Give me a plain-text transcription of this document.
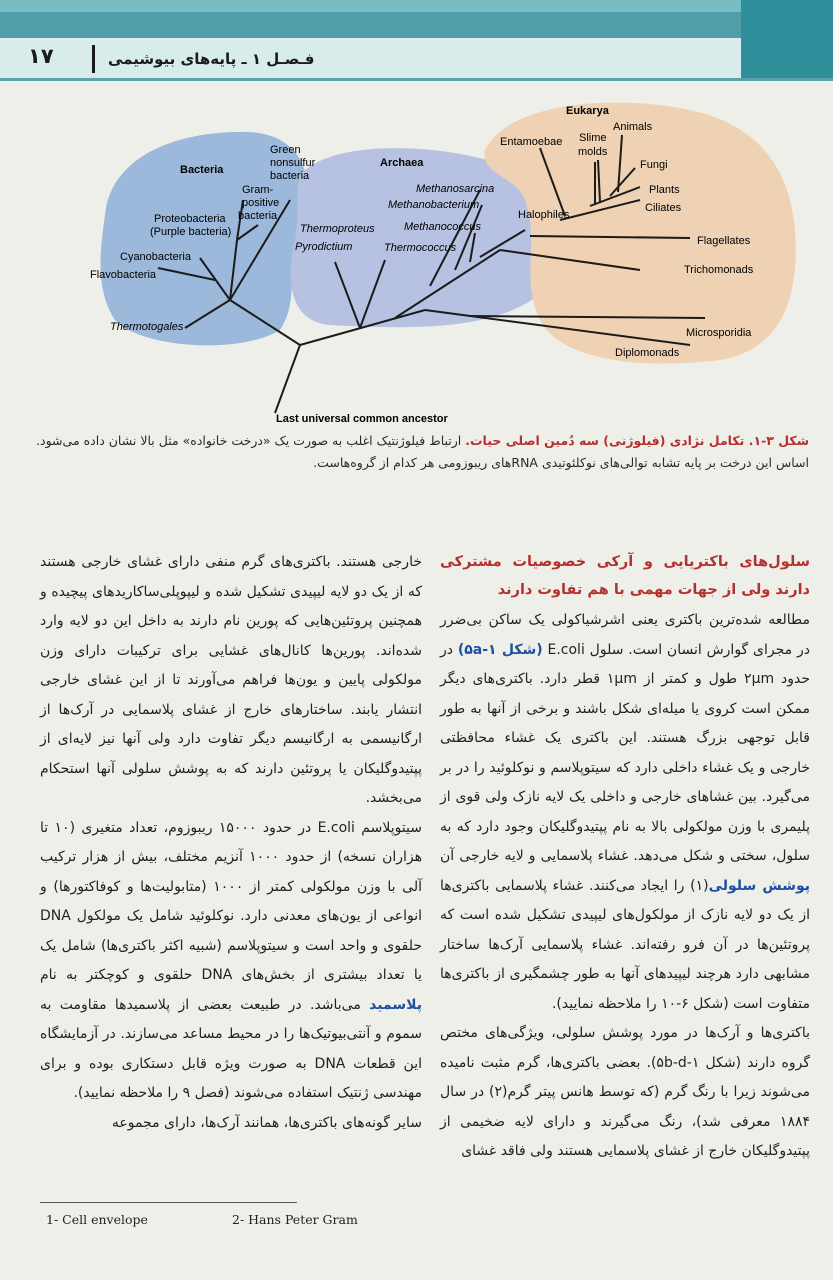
۱۷	فـصـل ۱ ـ پایه‌های بیوشیمی
Bacteria
Archaea
Eukarya
Green
nonsulfur
bacteria
Gram-
positive
bacteria
Proteobacteria
(Purple bacteria)
Cyanobacteria
Flavobacteria
Thermotogales
Methanosarcina
Methanobacterium
Halophiles
Methanococcus
Thermoproteus
Pyrodictium	Thermococcus
Entamoebae Slime
molds
Animals
Fungi
Plants
Ciliates
Flagellates
Trichomonads
Microsporidia
Diplomonads
Last universal common ancestor
شکل ۳-۱. تکامل نژادی (فیلوژنی) سه دُمین اصلی حیات. ارتباط فیلوژنتیک اغلب به صورت یک «درخت خانواده» مثل بالا نشان داده می‌شود.
اساس این درخت بر پایه تشابه توالی‌های نوکلئوتیدی RNAهای ریبوزومی هر کدام از گروه‌هاست.
سلول‌های باکتریایی و آرکی خصوصیات مشترکی دارند ولی از جهات مهمی با هم تفاوت دارند

مطالعه شده‌ترین باکتری یعنی اشرشیاکولی یک ساکن بی‌ضرر در مجرای گوارش انسان است. سلول E.coli (شکل ۵a-۱) در حدود ۲µm طول و کمتر از ۱µm قطر دارد. باکتری‌های دیگر ممکن است کروی یا میله‌ای شکل باشند و برخی از آنها به طور قابل توجهی بزرگ هستند. این باکتری یک غشاء محافظتی خارجی و یک غشاء داخلی دارد که سیتوپلاسم و نوکلوئید را در بر می‌گیرد. بین غشاهای خارجی و داخلی یک لایه نازک ولی قوی از پلیمری با وزن مولکولی بالا به نام پپتیدوگلیکان وجود دارد که به سلول، سختی و شکل می‌دهد. غشاء پلاسمایی و لایه خارجی آن پوشش سلولی(۱) را ایجاد می‌کنند. غشاء پلاسمایی باکتری‌ها از یک دو لایه نازک از مولکول‌های لیپیدی تشکیل شده است که پروتئین‌ها در آن فرو رفته‌اند. غشاء پلاسمایی آرک‌ها ساختار مشابهی دارد هرچند لیپیدهای آنها به طور چشمگیری از باکتری‌ها متفاوت است (شکل ۶-۱۰ را ملاحظه نمایید).

باکتری‌ها و آرک‌ها در مورد پوشش سلولی، ویژگی‌های مختص گروه دارند (شکل ۵b-d-۱). بعضی باکتری‌ها، گرم مثبت نامیده می‌شوند زیرا با رنگ گرم (که توسط هانس پیتر گرم(۲) در سال ۱۸۸۴ معرفی شد)، رنگ می‌گیرند و دارای لایه ضخیمی از پپتیدوگلیکان خارج از غشای پلاسمایی هستند ولی فاقد غشای

خارجی هستند. باکتری‌های گرم منفی دارای غشای خارجی هستند که از یک دو لایه لیپیدی تشکیل شده و لیپوپلی‌ساکاریدهای پیچیده و همچنین پروتئین‌هایی که پورین نام دارند به داخل این دو لایه وارد شده‌اند. پورین‌ها کانال‌های غشایی برای ترکیبات دارای وزن مولکولی پایین و یون‌ها فراهم می‌آورند تا از این غشای خارجی انتشار یابند. ساختارهای خارج از غشای پلاسمایی در آرک‌ها از ارگانیسمی به ارگانیسم دیگر تفاوت دارد ولی آنها نیز لایه‌ای از پپتیدوگلیکان یا پروتئین دارند که به پوشش سلولی آنها استحکام می‌بخشد.

سیتوپلاسم E.coli در حدود ۱۵۰۰۰ ریبوزوم، تعداد متغیری (۱۰ تا هزاران نسخه) از حدود ۱۰۰۰ آنزیم مختلف، بیش از هزار ترکیب آلی با وزن مولکولی کمتر از ۱۰۰۰ (متابولیت‌ها و کوفاکتورها) و انواعی از یون‌های معدنی دارد. نوکلوئید شامل یک مولکول DNA حلقوی و واحد است و سیتوپلاسم (شبیه اکثر باکتری‌ها) شامل یک یا تعداد بیشتری از بخش‌های DNA حلقوی و کوچکتر به نام پلاسمید می‌باشد. در طبیعت بعضی از پلاسمیدها مقاومت به سموم و آنتی‌بیوتیک‌ها را در محیط مساعد می‌سازند. در آزمایشگاه این قطعات DNA به صورت ویژه قابل دستکاری بوده و برای مهندسی ژنتیک استفاده می‌شوند (فصل ۹ را ملاحظه نمایید).

سایر گونه‌های باکتری‌ها، همانند آرک‌ها، دارای مجموعه

1- Cell envelope	2- Hans Peter Gram
